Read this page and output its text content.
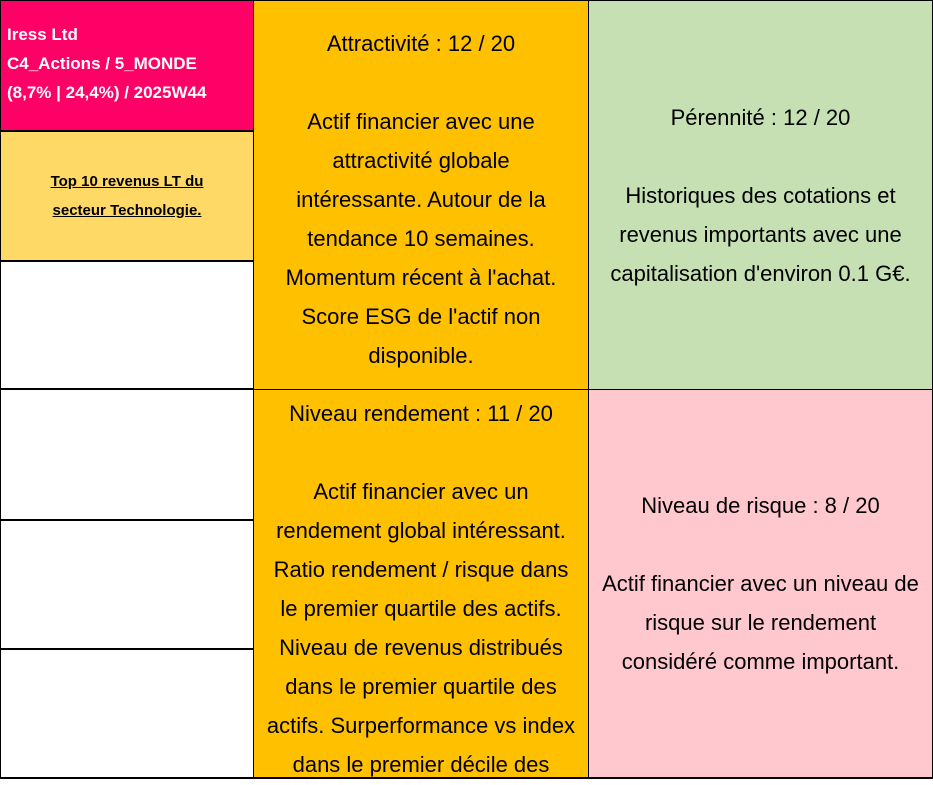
Iress Ltd
C4_Actions / 5_MONDE
(8,7% | 24,4%) / 2025W44
Top 10 revenus LT du
secteur Technologie.

Attractivité : 12 / 20

Actif financier avec une

attractivité globale

intéressante. Autour de la

tendance 10 semaines.

Momentum récent à l'achat.

Score ESG de l'actif non

disponible.

Pérennité : 12 / 20

Historiques des cotations et

revenus importants avec une

capitalisation d'environ 0.1 G€.

Niveau rendement : 11 / 20

Actif financier avec un

rendement global intéressant.

Ratio rendement / risque dans

le premier quartile des actifs.

Niveau de revenus distribués

dans le premier quartile des

actifs. Surperformance vs index

dans le premier décile des

Niveau de risque : 8 / 20

Actif financier avec un niveau de

risque sur le rendement

considéré comme important.
